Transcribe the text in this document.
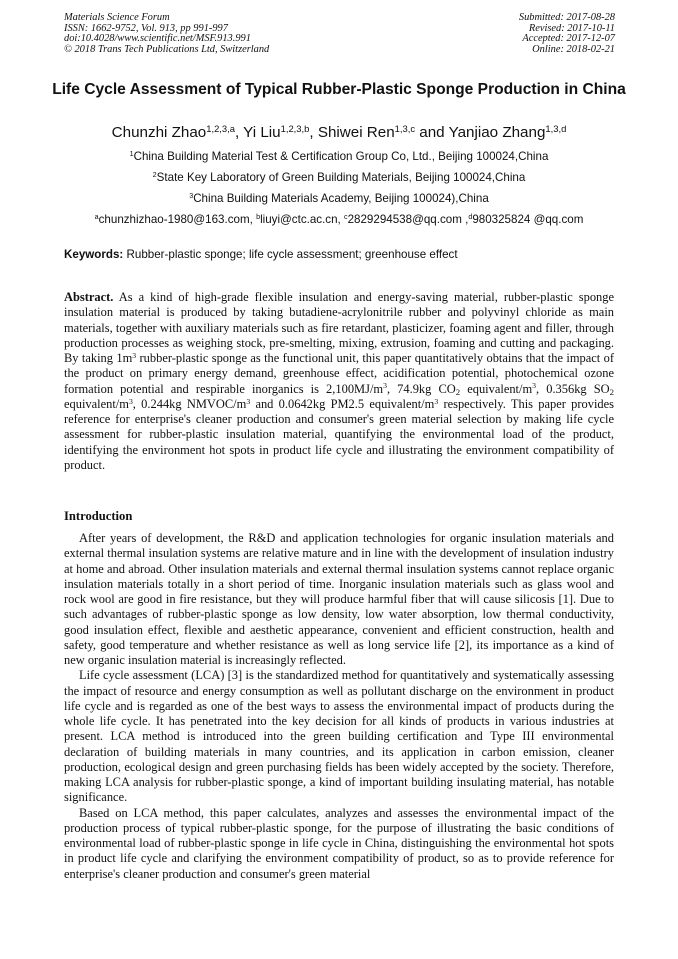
Materials Science Forum
ISSN: 1662-9752, Vol. 913, pp 991-997
doi:10.4028/www.scientific.net/MSF.913.991
© 2018 Trans Tech Publications Ltd, Switzerland
Submitted: 2017-08-28
Revised: 2017-10-11
Accepted: 2017-12-07
Online: 2018-02-21
Life Cycle Assessment of Typical Rubber-Plastic Sponge Production in China
Chunzhi Zhao$^{1,2,3,a}$, Yi Liu$^{1,2,3,b}$, Shiwei Ren$^{1,3,c}$ and Yanjiao Zhang$^{1,3,d}$
$^1$China Building Material Test & Certification Group Co, Ltd., Beijing 100024,China
$^2$State Key Laboratory of Green Building Materials, Beijing 100024,China
$^3$China Building Materials Academy, Beijing 100024),China
$^a$chunzhizhao-1980@163.com, $^b$liuyi@ctc.ac.cn, $^c$2829294538@qq.com ,$^d$980325824 @qq.com
Keywords: Rubber-plastic sponge; life cycle assessment; greenhouse effect
Abstract. As a kind of high-grade flexible insulation and energy-saving material, rubber-plastic sponge insulation material is produced by taking butadiene-acrylonitrile rubber and polyvinyl chloride as main materials, together with auxiliary materials such as fire retardant, plasticizer, foaming agent and filler, through production processes as weighing stock, pre-smelting, mixing, extrusion, foaming and cutting and packaging. By taking $1m^3$ rubber-plastic sponge as the functional unit, this paper quantitatively obtains that the impact of the product on primary energy demand, greenhouse effect, acidification potential, photochemical ozone formation potential and respirable inorganics is $2,100MJ/m^3$, 74.9kg $CO_2$ equivalent/$m^3$, 0.356kg $SO_2$ equivalent/$m^3$, 0.244kg NMVOC/$m^3$ and 0.0642kg PM2.5 equivalent/$m^3$ respectively. This paper provides reference for enterprise's cleaner production and consumer's green material selection by making life cycle assessment for rubber-plastic insulation material, quantifying the environmental load of the product, identifying the environment hot spots in product life cycle and illustrating the environment compatibility of product.
Introduction
After years of development, the R&D and application technologies for organic insulation materials and external thermal insulation systems are relative mature and in line with the development of insulation industry at home and abroad. Other insulation materials and external thermal insulation systems cannot replace organic insulation materials totally in a short period of time. Inorganic insulation materials such as glass wool and rock wool are good in fire resistance, but they will produce harmful fiber that will cause silicosis [1]. Due to such advantages of rubber-plastic sponge as low density, low water absorption, low thermal conductivity, good insulation effect, flexible and aesthetic appearance, convenient and efficient construction, health and safety, good temperature and whether resistance as well as long service life [2], its importance as a kind of new organic insulation material is increasingly reflected.
Life cycle assessment (LCA) [3] is the standardized method for quantitatively and systematically assessing the impact of resource and energy consumption as well as pollutant discharge on the environment in product life cycle and is regarded as one of the best ways to assess the environmental impact of products during the whole life cycle. It has penetrated into the key decision for all kinds of products in various industries at present. LCA method is introduced into the green building certification and Type III environmental declaration of building materials in many countries, and its application in carbon emission, cleaner production, ecological design and green purchasing fields has been widely accepted by the society. Therefore, making LCA analysis for rubber-plastic sponge, a kind of important building insulating material, has notable significance.
Based on LCA method, this paper calculates, analyzes and assesses the environmental impact of the production process of typical rubber-plastic sponge, for the purpose of illustrating the basic conditions of environmental load of rubber-plastic sponge in life cycle in China, distinguishing the environmental hot spots in product life cycle and clarifying the environment compatibility of product, so as to provide reference for enterprise's cleaner production and consumer's green material
